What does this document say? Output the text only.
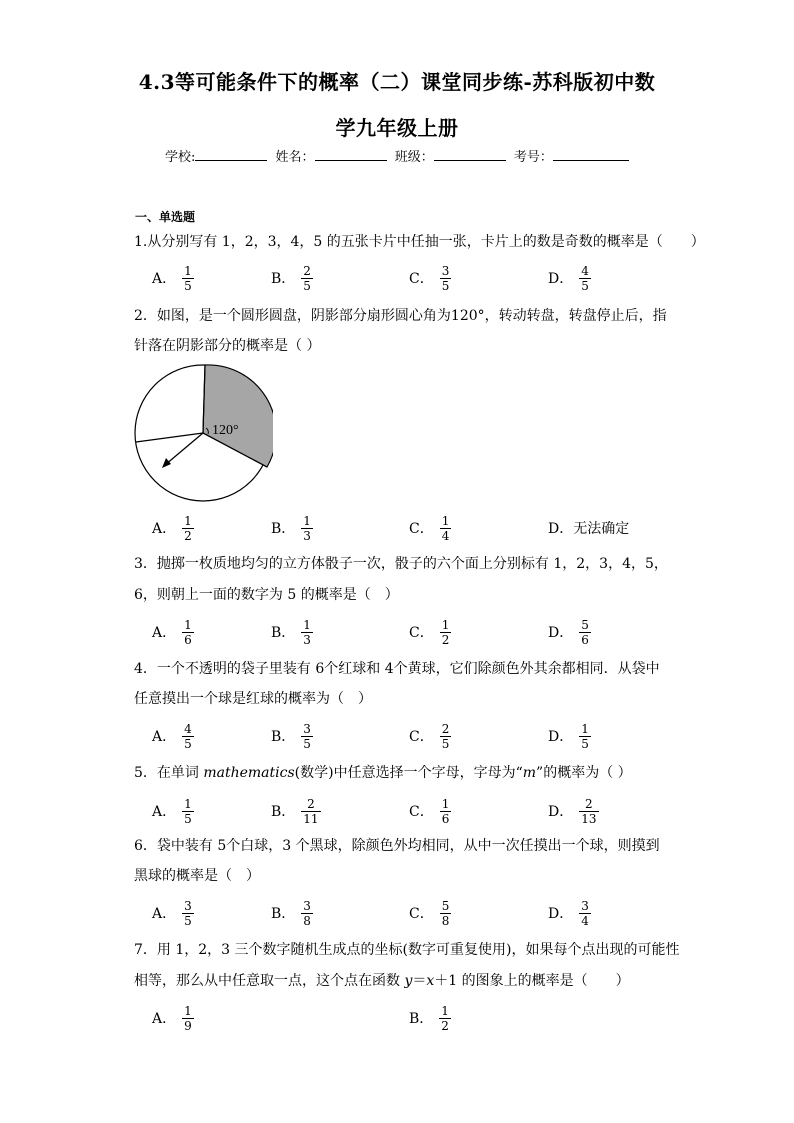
4.3等可能条件下的概率（二）课堂同步练-苏科版初中数
学九年级上册
学校:	姓名：	班级：	考号：
一、单选题
1.从分别写有 1，2，3，4，5 的五张卡片中任抽一张，卡片上的数是奇数的概率是（　　）
A． $\frac{1}{5}$	B． $\frac{2}{5}$	C． $\frac{3}{5}$	D． $\frac{4}{5}$
2．如图，是一个圆形圆盘，阴影部分扇形圆心角为120°，转动转盘，转盘停止后，指
针落在阴影部分的概率是（ ）
120°
A． $\frac{1}{2}$	B． $\frac{1}{3}$	C． $\frac{1}{4}$	D． 无法确定
3．抛掷一枚质地均匀的立方体骰子一次，骰子的六个面上分别标有 1，2，3，4，5，
6，则朝上一面的数字为 5 的概率是（　）
A． $\frac{1}{6}$	B． $\frac{1}{3}$	C． $\frac{1}{2}$	D． $\frac{5}{6}$
4．一个不透明的袋子里装有 6个红球和 4个黄球，它们除颜色外其余都相同．从袋中
任意摸出一个球是红球的概率为（　）
A． $\frac{4}{5}$	B． $\frac{3}{5}$	C． $\frac{2}{5}$	D． $\frac{1}{5}$
5．在单词 mathematics(数学)中任意选择一个字母，字母为“m”的概率为（ ）
A． $\frac{1}{5}$	B． $\frac{2}{11}$	C． $\frac{1}{6}$	D． $\frac{2}{13}$
6．袋中装有 5个白球，3 个黑球，除颜色外均相同，从中一次任摸出一个球，则摸到
黑球的概率是（　）
A． $\frac{3}{5}$	B． $\frac{3}{8}$	C． $\frac{5}{8}$	D． $\frac{3}{4}$
7．用 1，2，3 三个数字随机生成点的坐标(数字可重复使用)，如果每个点出现的可能性
相等，那么从中任意取一点，这个点在函数 y＝x＋1 的图象上的概率是（　　）
A． $\frac{1}{9}$	B． $\frac{1}{2}$
